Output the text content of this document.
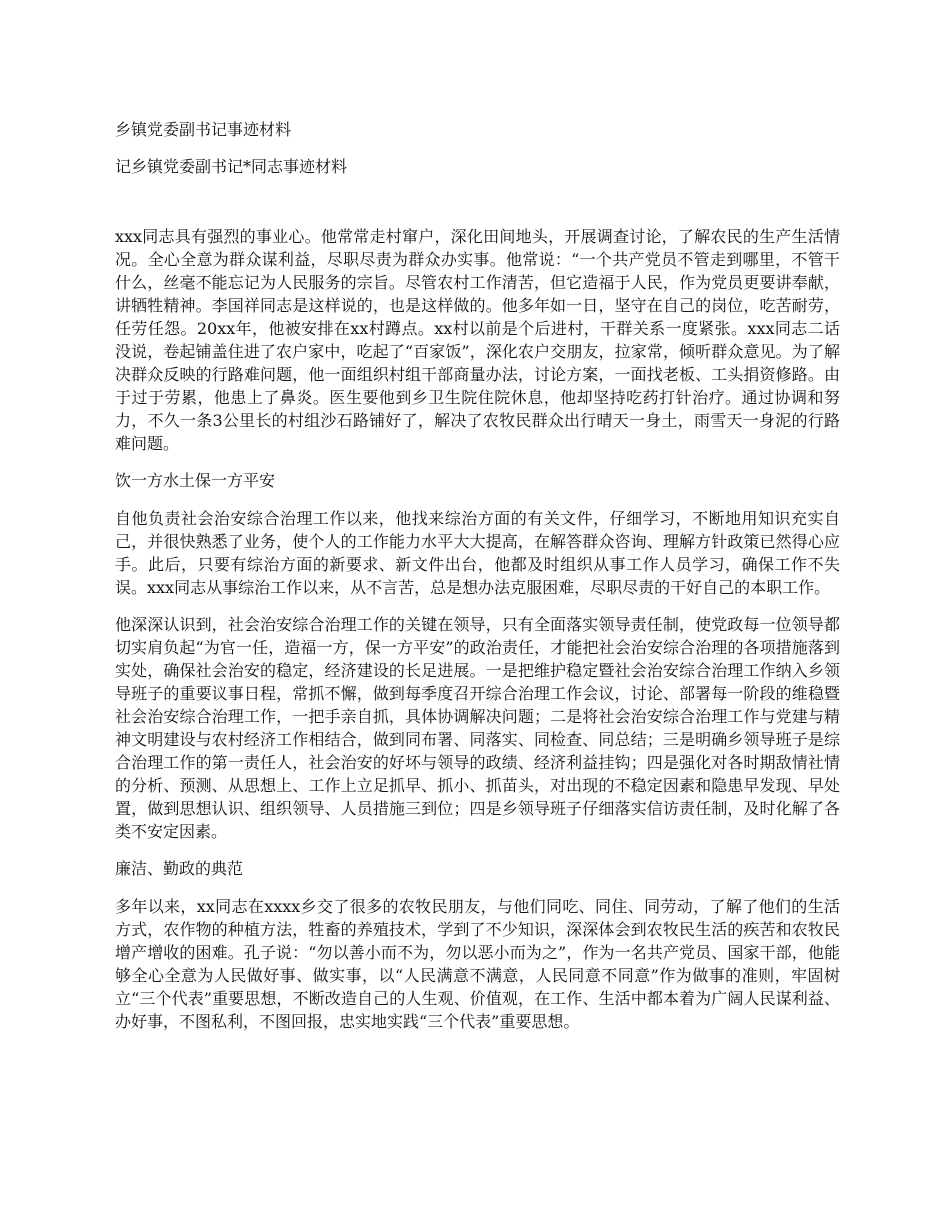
乡镇党委副书记事迹材料
记乡镇党委副书记*同志事迹材料

xxx同志具有强烈的事业心。他常常走村窜户，深化田间地头，开展调查讨论，了解农民的生产生活情况。全心全意为群众谋利益，尽职尽责为群众办实事。他常说：“一个共产党员不管走到哪里，不管干什么，丝毫不能忘记为人民服务的宗旨。尽管农村工作清苦，但它造福于人民，作为党员更要讲奉献，讲牺牲精神。李国祥同志是这样说的，也是这样做的。他多年如一日，坚守在自己的岗位，吃苦耐劳，任劳任怨。20xx年，他被安排在xx村蹲点。xx村以前是个后进村，干群关系一度紧张。xxx同志二话没说，卷起铺盖住进了农户家中，吃起了“百家饭”，深化农户交朋友，拉家常，倾听群众意见。为了解决群众反映的行路难问题，他一面组织村组干部商量办法，讨论方案，一面找老板、工头捐资修路。由于过于劳累，他患上了鼻炎。医生要他到乡卫生院住院休息，他却坚持吃药打针治疗。通过协调和努力，不久一条3公里长的村组沙石路铺好了，解决了农牧民群众出行晴天一身土，雨雪天一身泥的行路难问题。

饮一方水土保一方平安

自他负责社会治安综合治理工作以来，他找来综治方面的有关文件，仔细学习，不断地用知识充实自己，并很快熟悉了业务，使个人的工作能力水平大大提高，在解答群众咨询、理解方针政策已然得心应手。此后，只要有综治方面的新要求、新文件出台，他都及时组织从事工作人员学习，确保工作不失误。xxx同志从事综治工作以来，从不言苦，总是想办法克服困难，尽职尽责的干好自己的本职工作。

他深深认识到，社会治安综合治理工作的关键在领导，只有全面落实领导责任制，使党政每一位领导都切实肩负起“为官一任，造福一方，保一方平安”的政治责任，才能把社会治安综合治理的各项措施落到实处，确保社会治安的稳定，经济建设的长足进展。一是把维护稳定暨社会治安综合治理工作纳入乡领导班子的重要议事日程，常抓不懈，做到每季度召开综合治理工作会议，讨论、部署每一阶段的维稳暨社会治安综合治理工作，一把手亲自抓，具体协调解决问题；二是将社会治安综合治理工作与党建与精神文明建设与农村经济工作相结合，做到同布署、同落实、同检查、同总结；三是明确乡领导班子是综合治理工作的第一责任人，社会治安的好坏与领导的政绩、经济利益挂钩；四是强化对各时期敌情社情的分析、预测、从思想上、工作上立足抓早、抓小、抓苗头，对出现的不稳定因素和隐患早发现、早处置，做到思想认识、组织领导、人员措施三到位；四是乡领导班子仔细落实信访责任制，及时化解了各类不安定因素。

廉洁、勤政的典范

多年以来，xx同志在xxxx乡交了很多的农牧民朋友，与他们同吃、同住、同劳动，了解了他们的生活方式，农作物的种植方法，牲畜的养殖技术，学到了不少知识，深深体会到农牧民生活的疾苦和农牧民增产增收的困难。孔子说：“勿以善小而不为，勿以恶小而为之”，作为一名共产党员、国家干部，他能够全心全意为人民做好事、做实事，以“人民满意不满意，人民同意不同意”作为做事的准则，牢固树立“三个代表”重要思想，不断改造自己的人生观、价值观，在工作、生活中都本着为广阔人民谋利益、办好事，不图私利，不图回报，忠实地实践“三个代表”重要思想。
